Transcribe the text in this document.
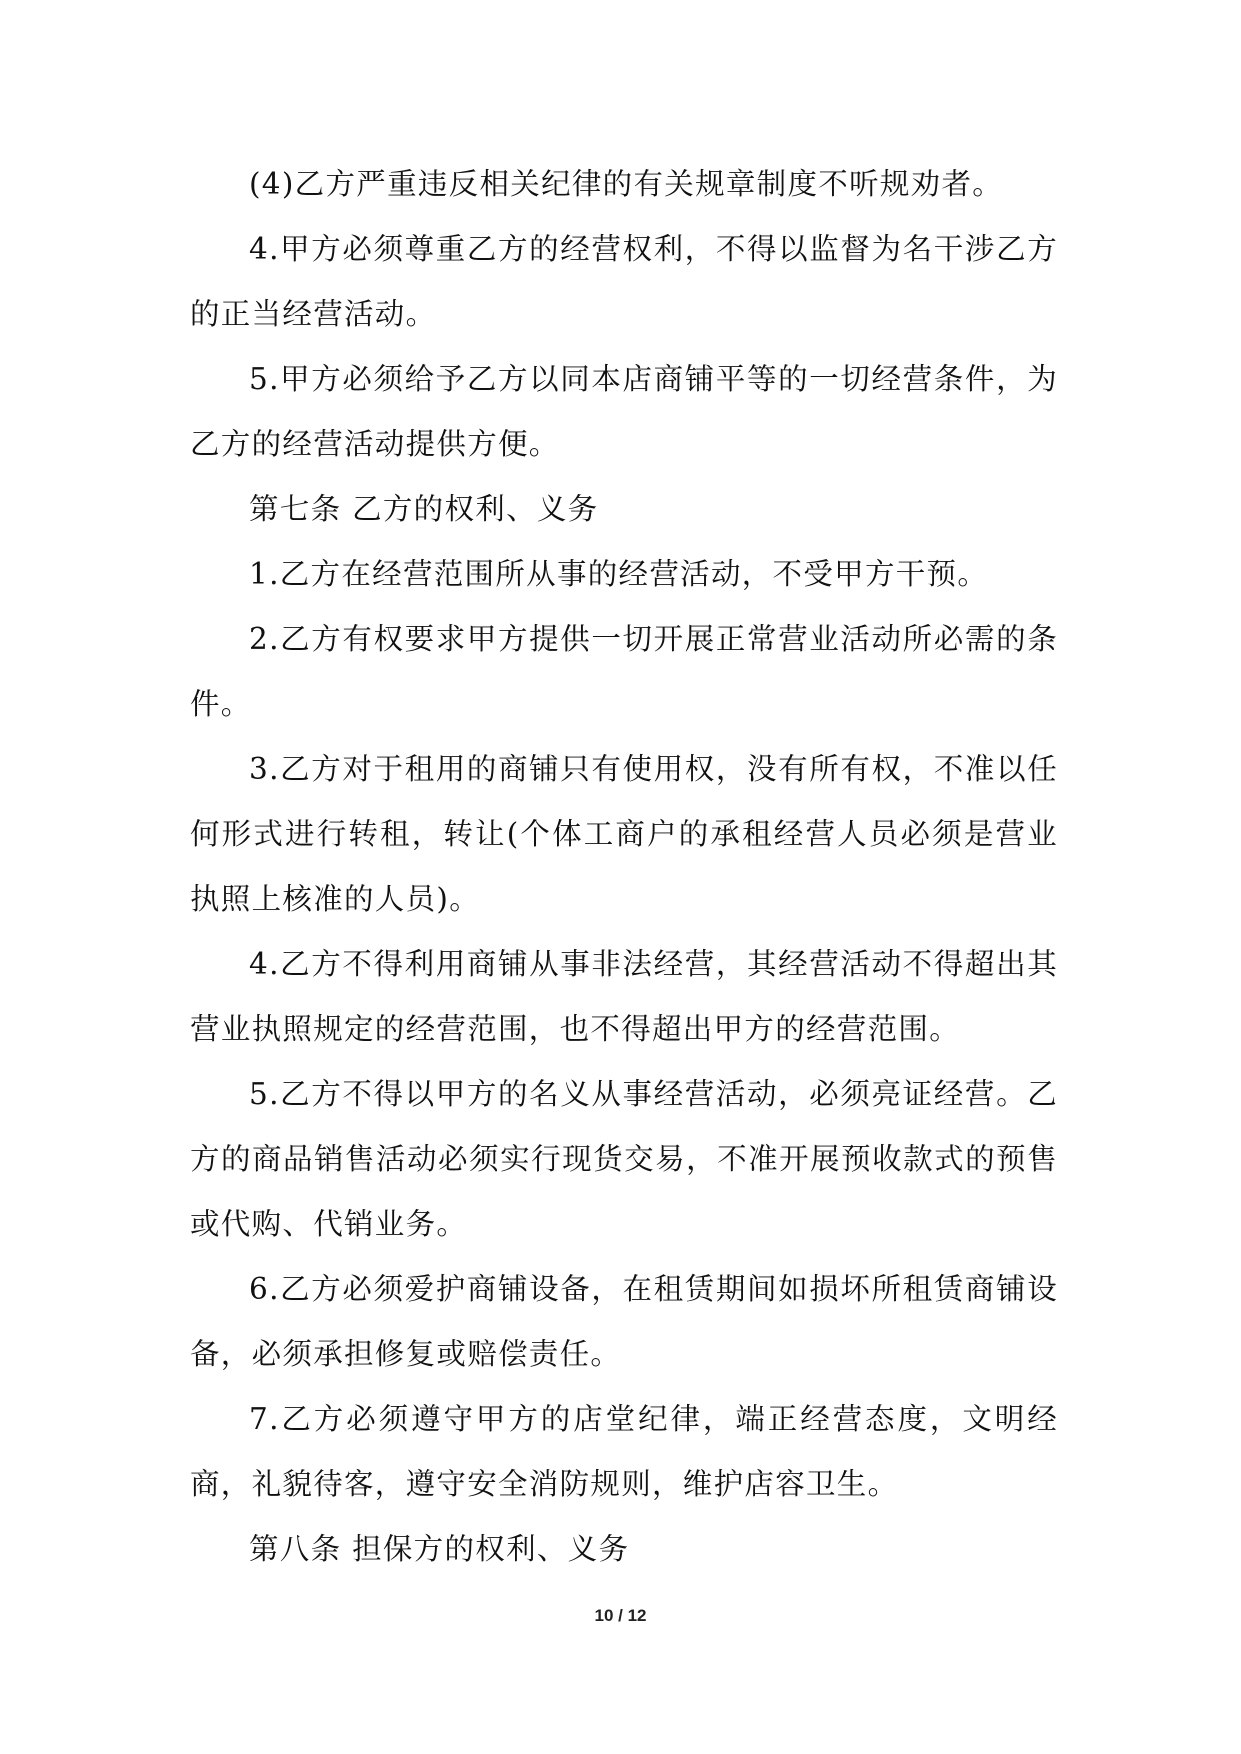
(4)乙方严重违反相关纪律的有关规章制度不听规劝者。

4.甲方必须尊重乙方的经营权利，不得以监督为名干涉乙方的正当经营活动。

5.甲方必须给予乙方以同本店商铺平等的一切经营条件，为乙方的经营活动提供方便。

第七条 乙方的权利、义务

1.乙方在经营范围所从事的经营活动，不受甲方干预。

2.乙方有权要求甲方提供一切开展正常营业活动所必需的条件。

3.乙方对于租用的商铺只有使用权，没有所有权，不准以任何形式进行转租，转让(个体工商户的承租经营人员必须是营业执照上核准的人员)。

4.乙方不得利用商铺从事非法经营，其经营活动不得超出其营业执照规定的经营范围，也不得超出甲方的经营范围。

5.乙方不得以甲方的名义从事经营活动，必须亮证经营。乙方的商品销售活动必须实行现货交易，不准开展预收款式的预售或代购、代销业务。

6.乙方必须爱护商铺设备，在租赁期间如损坏所租赁商铺设备，必须承担修复或赔偿责任。

7.乙方必须遵守甲方的店堂纪律，端正经营态度，文明经商，礼貌待客，遵守安全消防规则，维护店容卫生。

第八条 担保方的权利、义务

10 / 12
